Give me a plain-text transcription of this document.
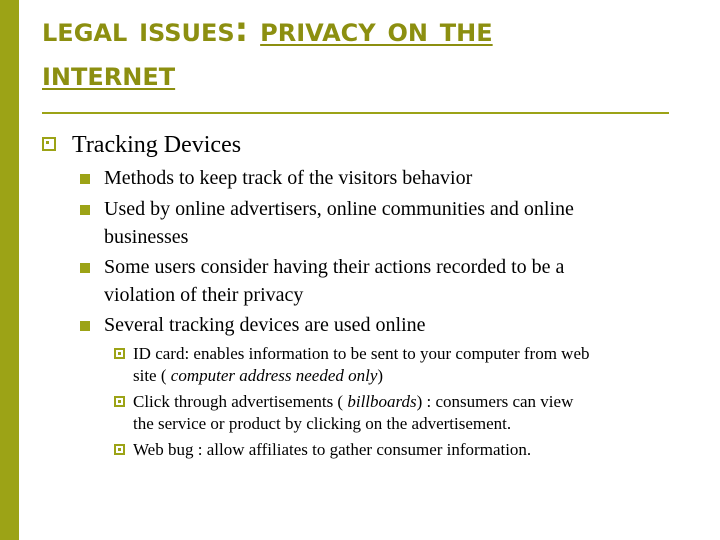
legal issues: privacy on the
internet
Tracking Devices
Methods to keep track of the visitors behavior
Used by online advertisers, online communities and online
businesses
Some users consider having their actions recorded to be a
violation of their privacy
Several tracking devices are used online
ID card: enables information to be sent to your computer from web
site ( computer address needed only)
Click through advertisements ( billboards) : consumers can view
the service or product by clicking on the advertisement.
Web bug : allow affiliates to gather consumer information.
